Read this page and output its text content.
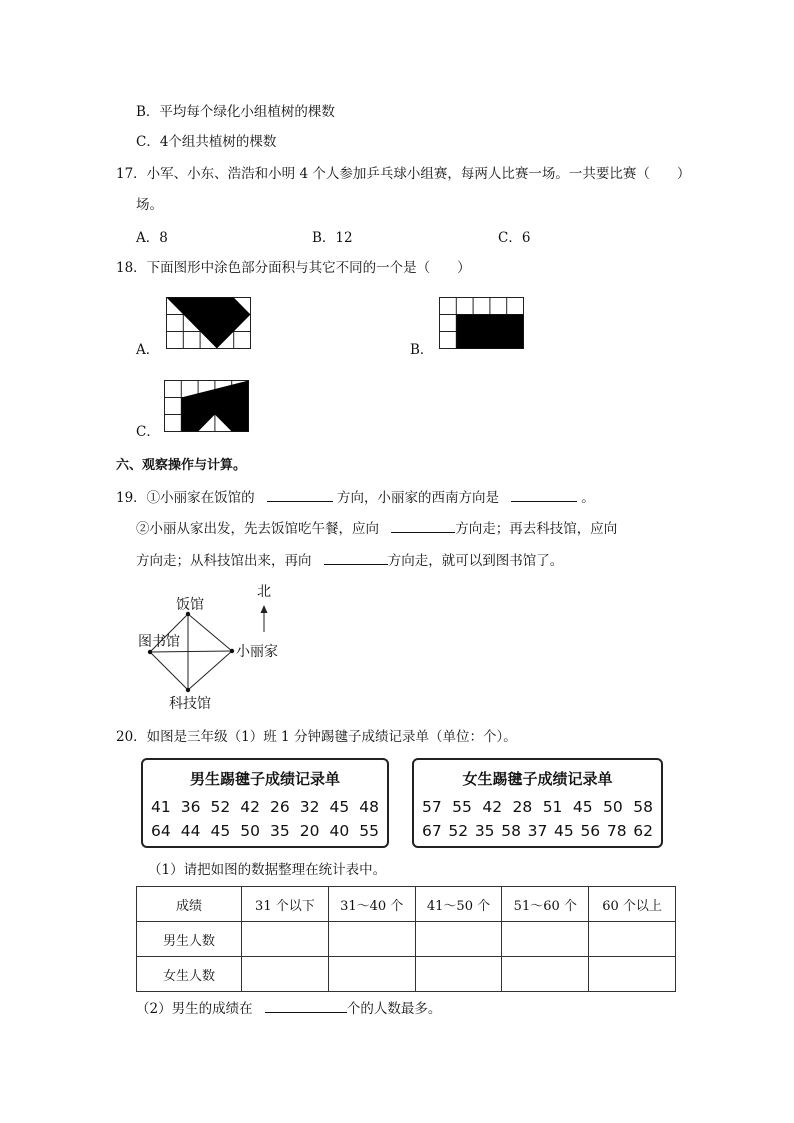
B．平均每个绿化小组植树的棵数
C．4个组共植树的棵数
17．小军、小东、浩浩和小明 4 个人参加乒乓球小组赛，每两人比赛一场。一共要比赛（　　）
场。
A．8	B．12	C．6
18．下面图形中涂色部分面积与其它不同的一个是（　　）
A．	B．
C．
六、观察操作与计算。
19．①小丽家在饭馆的	方向，小丽家的西南方向是	。
②小丽从家出发，先去饭馆吃午餐，应向	方向走；再去科技馆，应向
方向走；从科技馆出来，再向	方向走，就可以到图书馆了。
北
饭馆
图书馆
小丽家
科技馆
20．如图是三年级（1）班 1 分钟踢毽子成绩记录单（单位：个）。
男生踢毽子成绩记录单
41 36 52 42 26 32 45 48
64 44 45 50 35 20 40 55
女生踢毽子成绩记录单
57 55 42 28 51 45 50 58
67 52 35 58 37 45 56 78 62
（1）请把如图的数据整理在统计表中。
成绩	31 个以下	31～40 个	41～50 个	51～60 个	60 个以上
男生人数					
女生人数					
（2）男生的成绩在	个的人数最多。
